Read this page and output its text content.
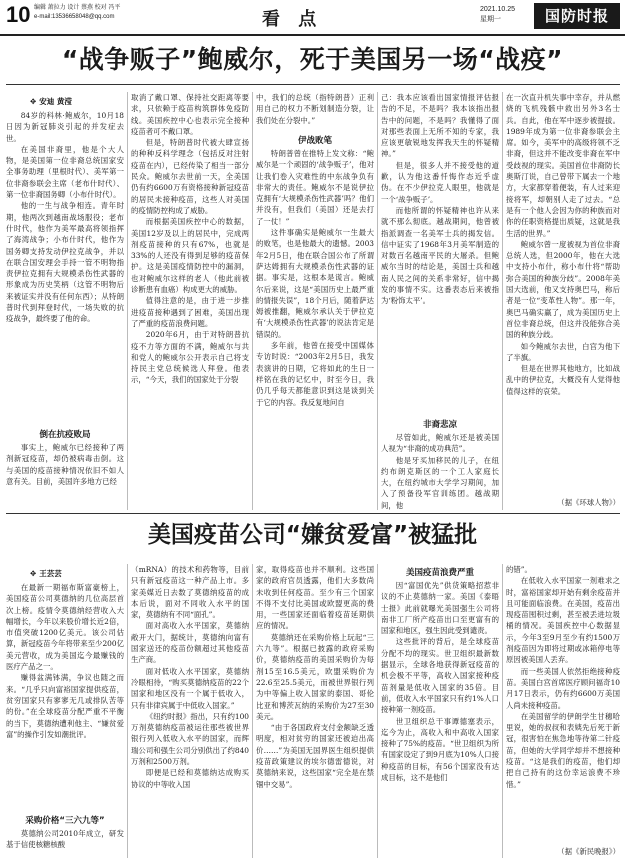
10 编辑 萧拉力 设计 蔡燕 校对 冯平
e-mail:13536658048@qq.com	看 点	2021.10.25
星期一	国防时报
“战争贩子”鲍威尔，死于美国另一场“战疫”
✥ 安迪 黄滢

84岁的科林·鲍威尔，10月18日因为新冠肺炎引起的并发症去世。

在美国非裔里，他是个大人物，是美国第一位非裔总统国家安全事务助理（里根时代）、美军第一位非裔参联会主席（老布什时代）、第一位非裔国务卿（小布什时代）。

他的一生与战争相连。青年时期，他两次到越南战场服役；老布什时代，他作为美军最高将领指挥了海湾战争；小布什时代，他作为国务卿支持发动伊拉克战争，并以在联合国安理会手持一管不明物指责伊拉克拥有大规模杀伤性武器的形象成为历史笑柄（这管不明物后来被证实并没有任何东西）；从特朗普时代到拜登时代，一场失败的抗疫战争，最终要了他的命。

倒在抗疫败局

事实上，鲍威尔已经接种了两剂新冠疫苗，却仍被病毒击倒。这与美国的疫苗接种情况依旧不如人意有关。目前，美国许多地方已经

取消了戴口罩、保持社交距离等要求，只依赖于疫苗构筑群体免疫防线。美国疾控中心也表示完全接种疫苗者可不戴口罩。

但是，特朗普时代被大肆宣扬的种种反科学理念（包括反对注射疫苗在内），已经传染了相当一部分民众。鲍威尔去世前一天，全美国仍有约6600万有资格接种新冠疫苗的居民未接种疫苗，这些人对美国的疫情防控构成了威胁。

而根据美国疾控中心的数据，美国12岁及以上的居民中，完成两剂疫苗接种的只有67%，也就是33%的人还没有得到足够的疫苗保护。这是美国疫情防控中的漏洞，也对鲍威尔这样的老人（他此前被诊断患有血癌）构成更大的威胁。

值得注意的是，由于进一步推进疫苗接种遇到了困难，美国出现了严重的疫苗浪费问题。

2020年6月，由于对特朗普抗疫不力等方面的不满，鲍威尔与共和党人的鲍威尔公开表示自己将支持民主党总统候选人拜登。他表示，“今天，我们的国家处于分裂

中，我们的总统（指特朗普）正利用自己的权力不断划制造分裂，让我们处在分裂中。”

伊战败笔

特朗普曾在推特上发文称：“鲍威尔是一个顽固的‘战争贩子’，他对让我们卷入灾难性的中东战争负有非常大的责任。鲍威尔不是说伊拉克拥有‘大规模杀伤性武器’吗？他们并没有，但我们（美国）还是去打了一仗！”

这件事确实是鲍威尔一生最大的败笔，也是他最大的遗憾。2003年2月5日，他在联合国公布了所谓萨达姆拥有大规模杀伤性武器的证据。事实是，这根本是谎言。鲍威尔后来说，这是“美国历史上最严重的情报失误”，18个月后，随着萨达姆被推翻，鲍威尔承认关于伊拉克有‘大规模杀伤性武器’的说法肯定是错误的。

多年前，他曾在接受中国媒体专访时说：“2003年2月5日，我发表演讲的日期，它将如此的生日一样铭在我的记忆中，时至今日，我仍几乎每天都能意识到这是谈到关于它的内容。我反复地问自

己：我本应该看出国家情报评估报告的不足，不是吗？我本该指出报告中的问题，不是吗？我懂得了面对那些表面上无所不知的专家，我应该更敏锐地发挥我天生的怀疑精神。”

但是，很多人并不接受他的道歉，认为他这番忏悔作态近乎虚伪。在不少伊拉克人眼里，他就是一个‘战争贩子’。

而他所谓的怀疑精神也许从来就不那么彻底。越战期间，他曾被指派调查一名美军士兵的揭发信。信中证实了1968年3月美军制造的对数百名越南平民的大屠杀。但鲍威尔当时的结论是，美国士兵和越南人民之间的关系非常好，信中揭发的事情不实。这番表态后来被指为‘粉饰太平’。

非裔悲凉

尽管如此，鲍威尔还是被美国人视为“非裔的成功典范”。

他是牙买加移民的儿子，在纽约布朗克斯区的一个工人家庭长大，在纽约城市大学学习期间，加入了预备役军官训练团。越战期间，他

在一次直升机失事中幸存，并从燃烧的飞机残骸中救出另外3名士兵。自此，他在军中逐步被提拔。1989年成为第一位非裔参联会主席。如今，美军中的高级将领不乏非裔，但这并不能改变非裔在军中受歧视的现实。美国首位非裔防长奥斯汀说，自己曾带下属去一个地方，大家都穿着便装，有人过来迎接将军，却朝别人走了过去。“总是有一个他人会因为你的种族而对你的任职资格提出质疑，这就是我生活的世界。”

鲍威尔曾一度被视为首位非裔总统人选，但2000年，他在大选中支持小布什，称小布什将“帮助弥合美国的种族分歧”。2008年美国大选前，他又支持奥巴马，称后者是一位“变革性人物”。那一年，奥巴马确实赢了，成为美国历史上首位非裔总统，但这并没能弥合美国的种族分歧。

如今鲍威尔去世，白宫为他下了半旗。

但是在世界其他地方，比如战乱中的伊拉克，大概没有人觉得他值得这样的哀荣。

（据《环球人物》）
美国疫苗公司“嫌贫爱富”被猛批
✥ 王芸芸

在最新一期福布斯富豪榜上，美国疫苗公司莫德纳的几位高层首次上榜。疫情令莫德纳经营收入大幅增长，今年以来股价增长近2倍，市值突破1200亿美元。该公司估算，新冠疫苗今年将带来至少200亿美元营收，成为美国迄今最赚钱的医疗产品之一。

赚得盆满钵满，争议也随之而来。“几乎只向富裕国家提供疫苗，贫穷国家只有寥寥无几或排队苦等的份。”在全球疫苗分配严重不平衡的当下，莫德纳遭利他主、“嫌贫爱富”的操作引发如潮批评。

采购价格“三六九等”

莫德纳公司2010年成立，研发基于信使核糖核酸

（mRNA）的技术和药物等，目前只有新冠疫苗这一种产品上市。多家美媒近日去数了莫德纳疫苗的成本后说，面对不同收入水平的国家，莫德纳有不同“面孔”。

面对高收入水平国家，莫德纳敞开大门，据统计，莫德纳向富有国家送还的疫苗份额超过其他疫苗生产商。

面对低收入水平国家，莫德纳冷眼相待，“购买莫德纳疫苗的22个国家和地区没有一个属于低收入，只有非律宾属于中低收入国家。”

《纽约时报》指出，只有约100万剂莫德纳疫苗被运往那些被世界银行列入低收入水平的国家，而辉瑞公司和强生公司分别供出了约840万剂和2500万剂。

即便是已经和莫德纳达成购买协议的中等收入国

家，取得疫苗也并不顺利。这些国家的政府官员透露，他们大多数尚未收到任何疫苗。至少有三个国家不得不支付比美国或欧盟更高的费用，一些国家还面临着疫苗延期供应的情况。

莫德纳还在采购价格上玩起“三六九等”。根据已披露的政府采购价，莫德纳疫苗的美国采购价为每剂15至16.5美元，欧盟采购价为22.6至25.5美元，而被世界银行列为中等偏上收入国家的泰国、哥伦比亚和博茨瓦纳的采购价为27至30美元。

“由于各国政府支付金额缺乏透明度，相对贫穷的国家还被迫出高价……”为美国无国界医生组织提供疫苗政策建议的埃尔德雷德说，对莫德纳来说，这些国家“完全是在禁锢中交易”。

美国疫苗浪费严重

因“富国优先”供货策略招惹非议的不止莫德纳一家。美国《泰晤士报》此前就曝光美国强生公司将南非工厂所产疫苗出口至更富有的国家和地区，强生因此受到谴责。

这些批评的背后，是全球疫苗分配不均的现实。世卫组织最新数据显示，全球各地获得新冠疫苗的机会极不平等，高收入国家接种疫苗剂量是低收入国家的35倍。目前，低收入水平国家只有约1%人口接种第一剂疫苗。

世卫组织总干事谭德塞表示，迄今为止，高收入和中高收入国家接种了75%的疫苗。“世卫组织为所有国家设定了到9月底为10%人口接种疫苗的目标，有56个国家没有达成目标，这不是他们

的错”。

在低收入水平国家一剂难求之时，富裕国家却开始有剩余疫苗并且可能面临浪费。在美国，疫苗出现疫苗囤积过剩，甚至被丢进垃圾桶的情况。美国疾控中心数据显示，今年3至9月至少有约1500万剂疫苗因为即将过期或冰箱停电等原因被美国人丢弃。

而一些美国人依然拒绝接种疫苗。美国白宫首席医疗顾问福奇10月17日表示，仍有约6600万美国人尚未接种疫苗。

在美国留学的伊朗学生甘穗哈里说，她的叔叔和表姨先后死于新冠，很害怕在焦急地等待第二针疫苗，但她的大学同学却并不想接种疫苗。“这是我们的疫苗，他们却把自己持有的这份幸运浪费不珍惜。”

（据《新民晚报》）
